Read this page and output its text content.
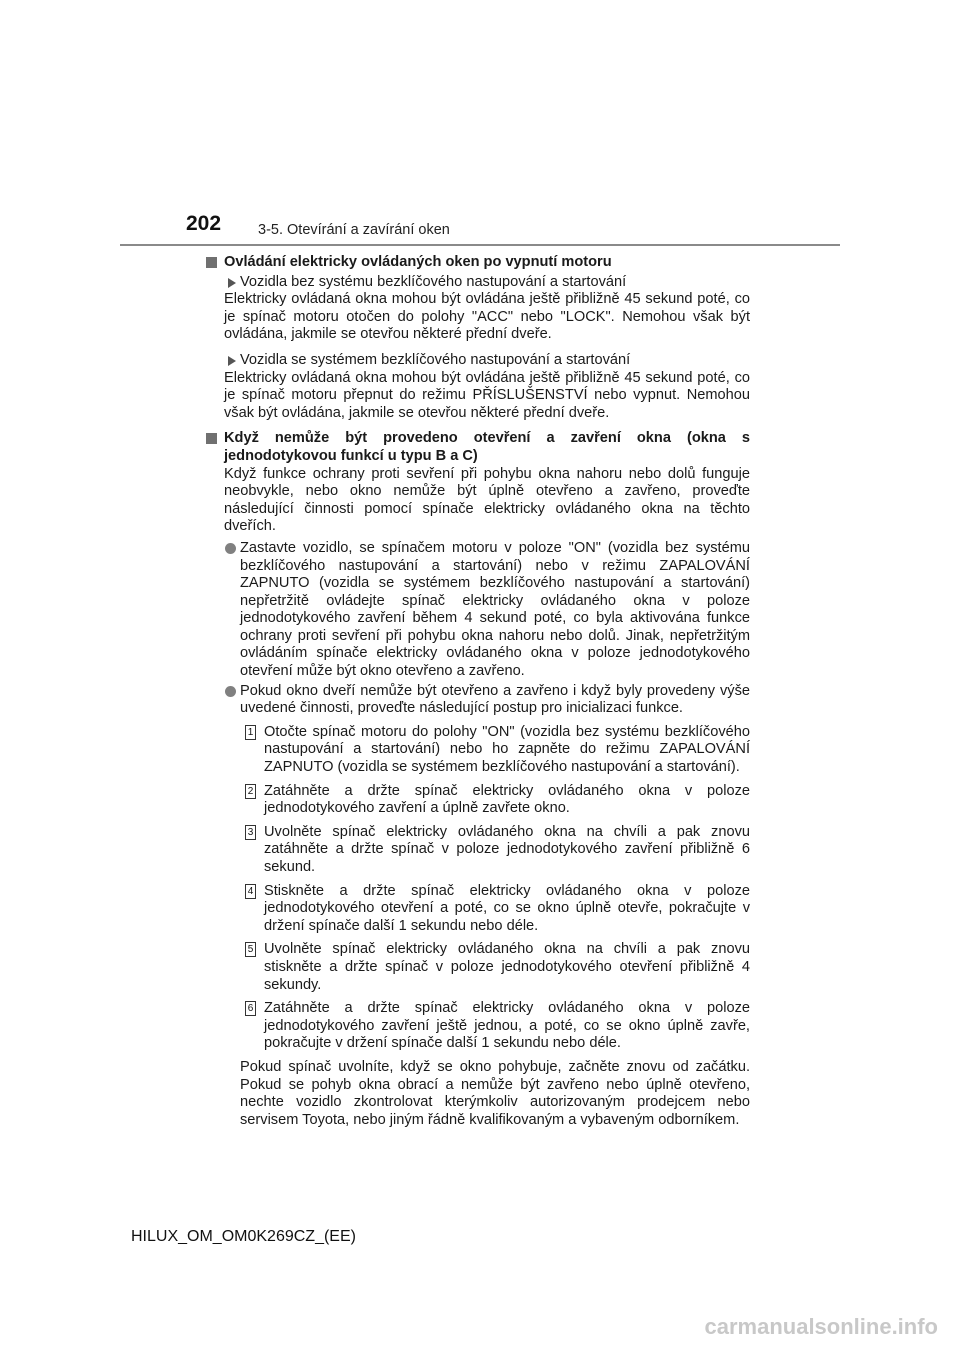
202	3-5. Otevírání a zavírání oken
Ovládání elektricky ovládaných oken po vypnutí motoru
Vozidla bez systému bezklíčového nastupování a startování
Elektricky ovládaná okna mohou být ovládána ještě přibližně 45 sekund poté, co je spínač motoru otočen do polohy "ACC" nebo "LOCK". Nemohou však být ovládána, jakmile se otevřou některé přední dveře.
Vozidla se systémem bezklíčového nastupování a startování
Elektricky ovládaná okna mohou být ovládána ještě přibližně 45 sekund poté, co je spínač motoru přepnut do režimu PŘÍSLUŠENSTVÍ nebo vypnut. Nemohou však být ovládána, jakmile se otevřou některé přední dveře.
Když nemůže být provedeno otevření a zavření okna (okna s jednodotykovou funkcí u typu B a C)
Když funkce ochrany proti sevření při pohybu okna nahoru nebo dolů funguje neobvykle, nebo okno nemůže být úplně otevřeno a zavřeno, proveďte následující činnosti pomocí spínače elektricky ovládaného okna na těchto dveřích.
Zastavte vozidlo, se spínačem motoru v poloze "ON" (vozidla bez systému bezklíčového nastupování a startování) nebo v režimu ZAPALOVÁNÍ ZAPNUTO (vozidla se systémem bezklíčového nastupování a startování) nepřetržitě ovládejte spínač elektricky ovládaného okna v poloze jednodotykového zavření během 4 sekund poté, co byla aktivována funkce ochrany proti sevření při pohybu okna nahoru nebo dolů. Jinak, nepřetržitým ovládáním spínače elektricky ovládaného okna v poloze jednodotykového otevření může být okno otevřeno a zavřeno.
Pokud okno dveří nemůže být otevřeno a zavřeno i když byly provedeny výše uvedené činnosti, proveďte následující postup pro inicializaci funkce.
1 Otočte spínač motoru do polohy "ON" (vozidla bez systému bezklíčového nastupování a startování) nebo ho zapněte do režimu ZAPALOVÁNÍ ZAPNUTO (vozidla se systémem bezklíčového nastupování a startování).
2 Zatáhněte a držte spínač elektricky ovládaného okna v poloze jednodotykového zavření a úplně zavřete okno.
3 Uvolněte spínač elektricky ovládaného okna na chvíli a pak znovu zatáhněte a držte spínač v poloze jednodotykového zavření přibližně 6 sekund.
4 Stiskněte a držte spínač elektricky ovládaného okna v poloze jednodotykového otevření a poté, co se okno úplně otevře, pokračujte v držení spínače další 1 sekundu nebo déle.
5 Uvolněte spínač elektricky ovládaného okna na chvíli a pak znovu stiskněte a držte spínač v poloze jednodotykového otevření přibližně 4 sekundy.
6 Zatáhněte a držte spínač elektricky ovládaného okna v poloze jednodotykového zavření ještě jednou, a poté, co se okno úplně zavře, pokračujte v držení spínače další 1 sekundu nebo déle.
Pokud spínač uvolníte, když se okno pohybuje, začněte znovu od začátku. Pokud se pohyb okna obrací a nemůže být zavřeno nebo úplně otevřeno, nechte vozidlo zkontrolovat kterýmkoliv autorizovaným prodejcem nebo servisem Toyota, nebo jiným řádně kvalifikovaným a vybaveným odborníkem.
HILUX_OM_OM0K269CZ_(EE)
carmanualsonline.info
